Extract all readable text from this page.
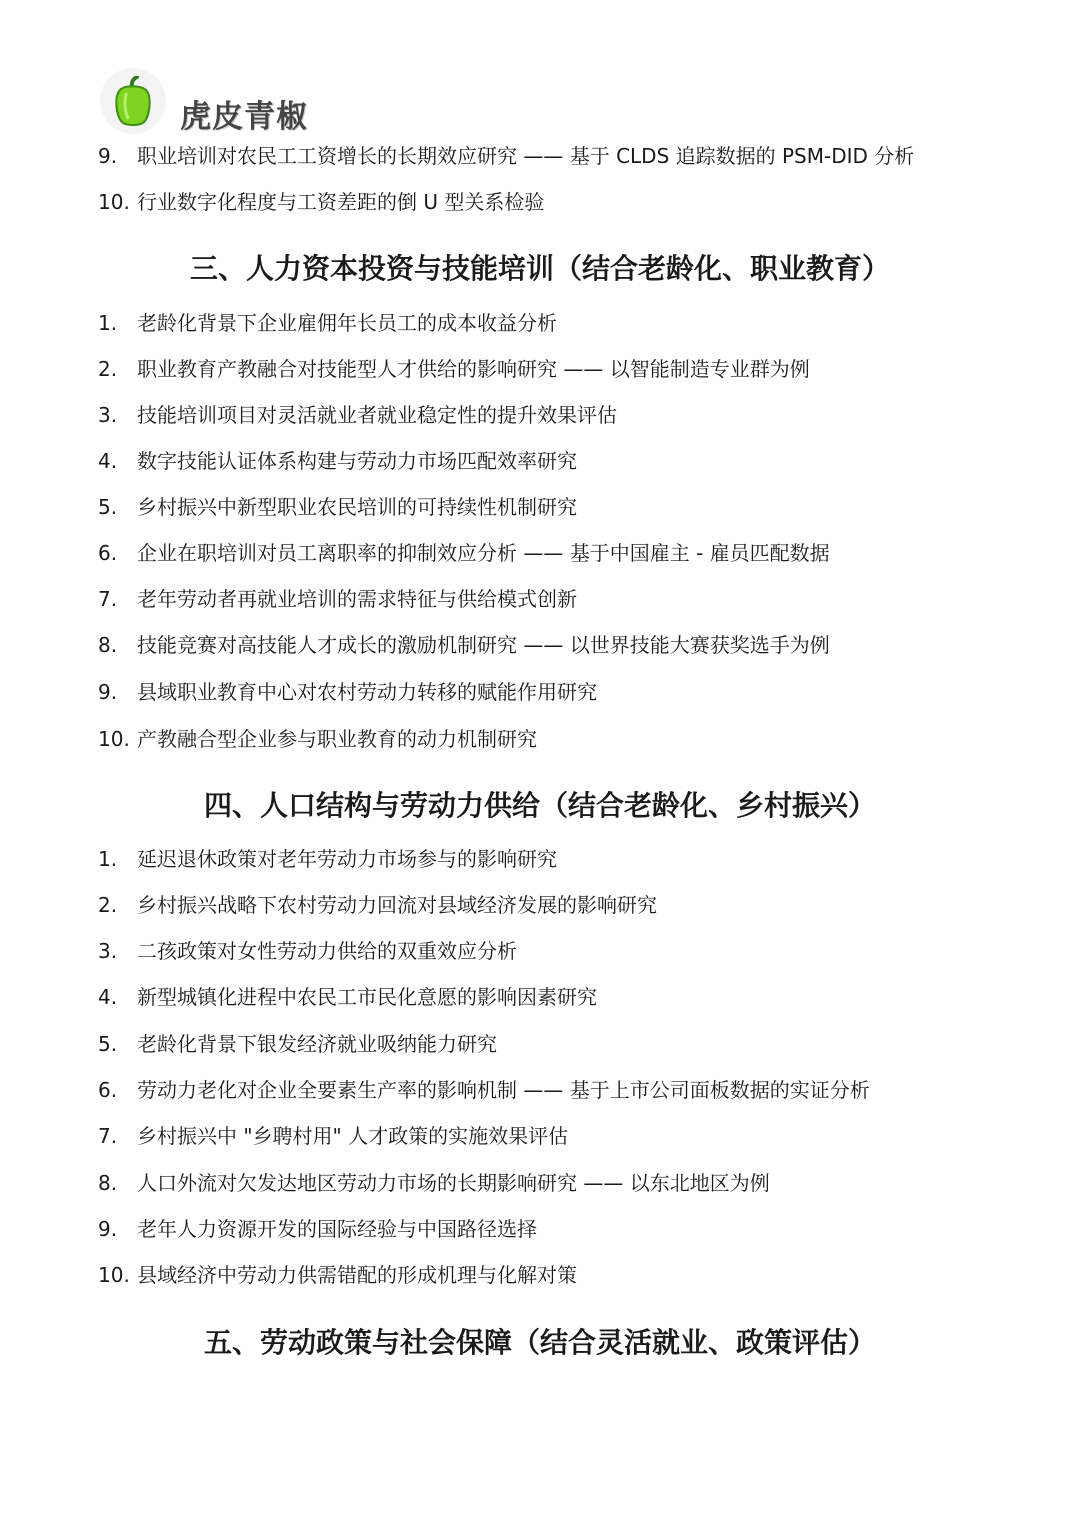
虎皮青椒
9. 职业培训对农民工工资增长的长期效应研究 —— 基于 CLDS 追踪数据的 PSM-DID 分析
10. 行业数字化程度与工资差距的倒 U 型关系检验
三、人力资本投资与技能培训（结合老龄化、职业教育）
1. 老龄化背景下企业雇佣年长员工的成本收益分析
2. 职业教育产教融合对技能型人才供给的影响研究 —— 以智能制造专业群为例
3. 技能培训项目对灵活就业者就业稳定性的提升效果评估
4. 数字技能认证体系构建与劳动力市场匹配效率研究
5. 乡村振兴中新型职业农民培训的可持续性机制研究
6. 企业在职培训对员工离职率的抑制效应分析 —— 基于中国雇主 - 雇员匹配数据
7. 老年劳动者再就业培训的需求特征与供给模式创新
8. 技能竞赛对高技能人才成长的激励机制研究 —— 以世界技能大赛获奖选手为例
9. 县域职业教育中心对农村劳动力转移的赋能作用研究
10. 产教融合型企业参与职业教育的动力机制研究
四、人口结构与劳动力供给（结合老龄化、乡村振兴）
1. 延迟退休政策对老年劳动力市场参与的影响研究
2. 乡村振兴战略下农村劳动力回流对县域经济发展的影响研究
3. 二孩政策对女性劳动力供给的双重效应分析
4. 新型城镇化进程中农民工市民化意愿的影响因素研究
5. 老龄化背景下银发经济就业吸纳能力研究
6. 劳动力老化对企业全要素生产率的影响机制 —— 基于上市公司面板数据的实证分析
7. 乡村振兴中 "乡聘村用" 人才政策的实施效果评估
8. 人口外流对欠发达地区劳动力市场的长期影响研究 —— 以东北地区为例
9. 老年人力资源开发的国际经验与中国路径选择
10. 县域经济中劳动力供需错配的形成机理与化解对策
五、劳动政策与社会保障（结合灵活就业、政策评估）
